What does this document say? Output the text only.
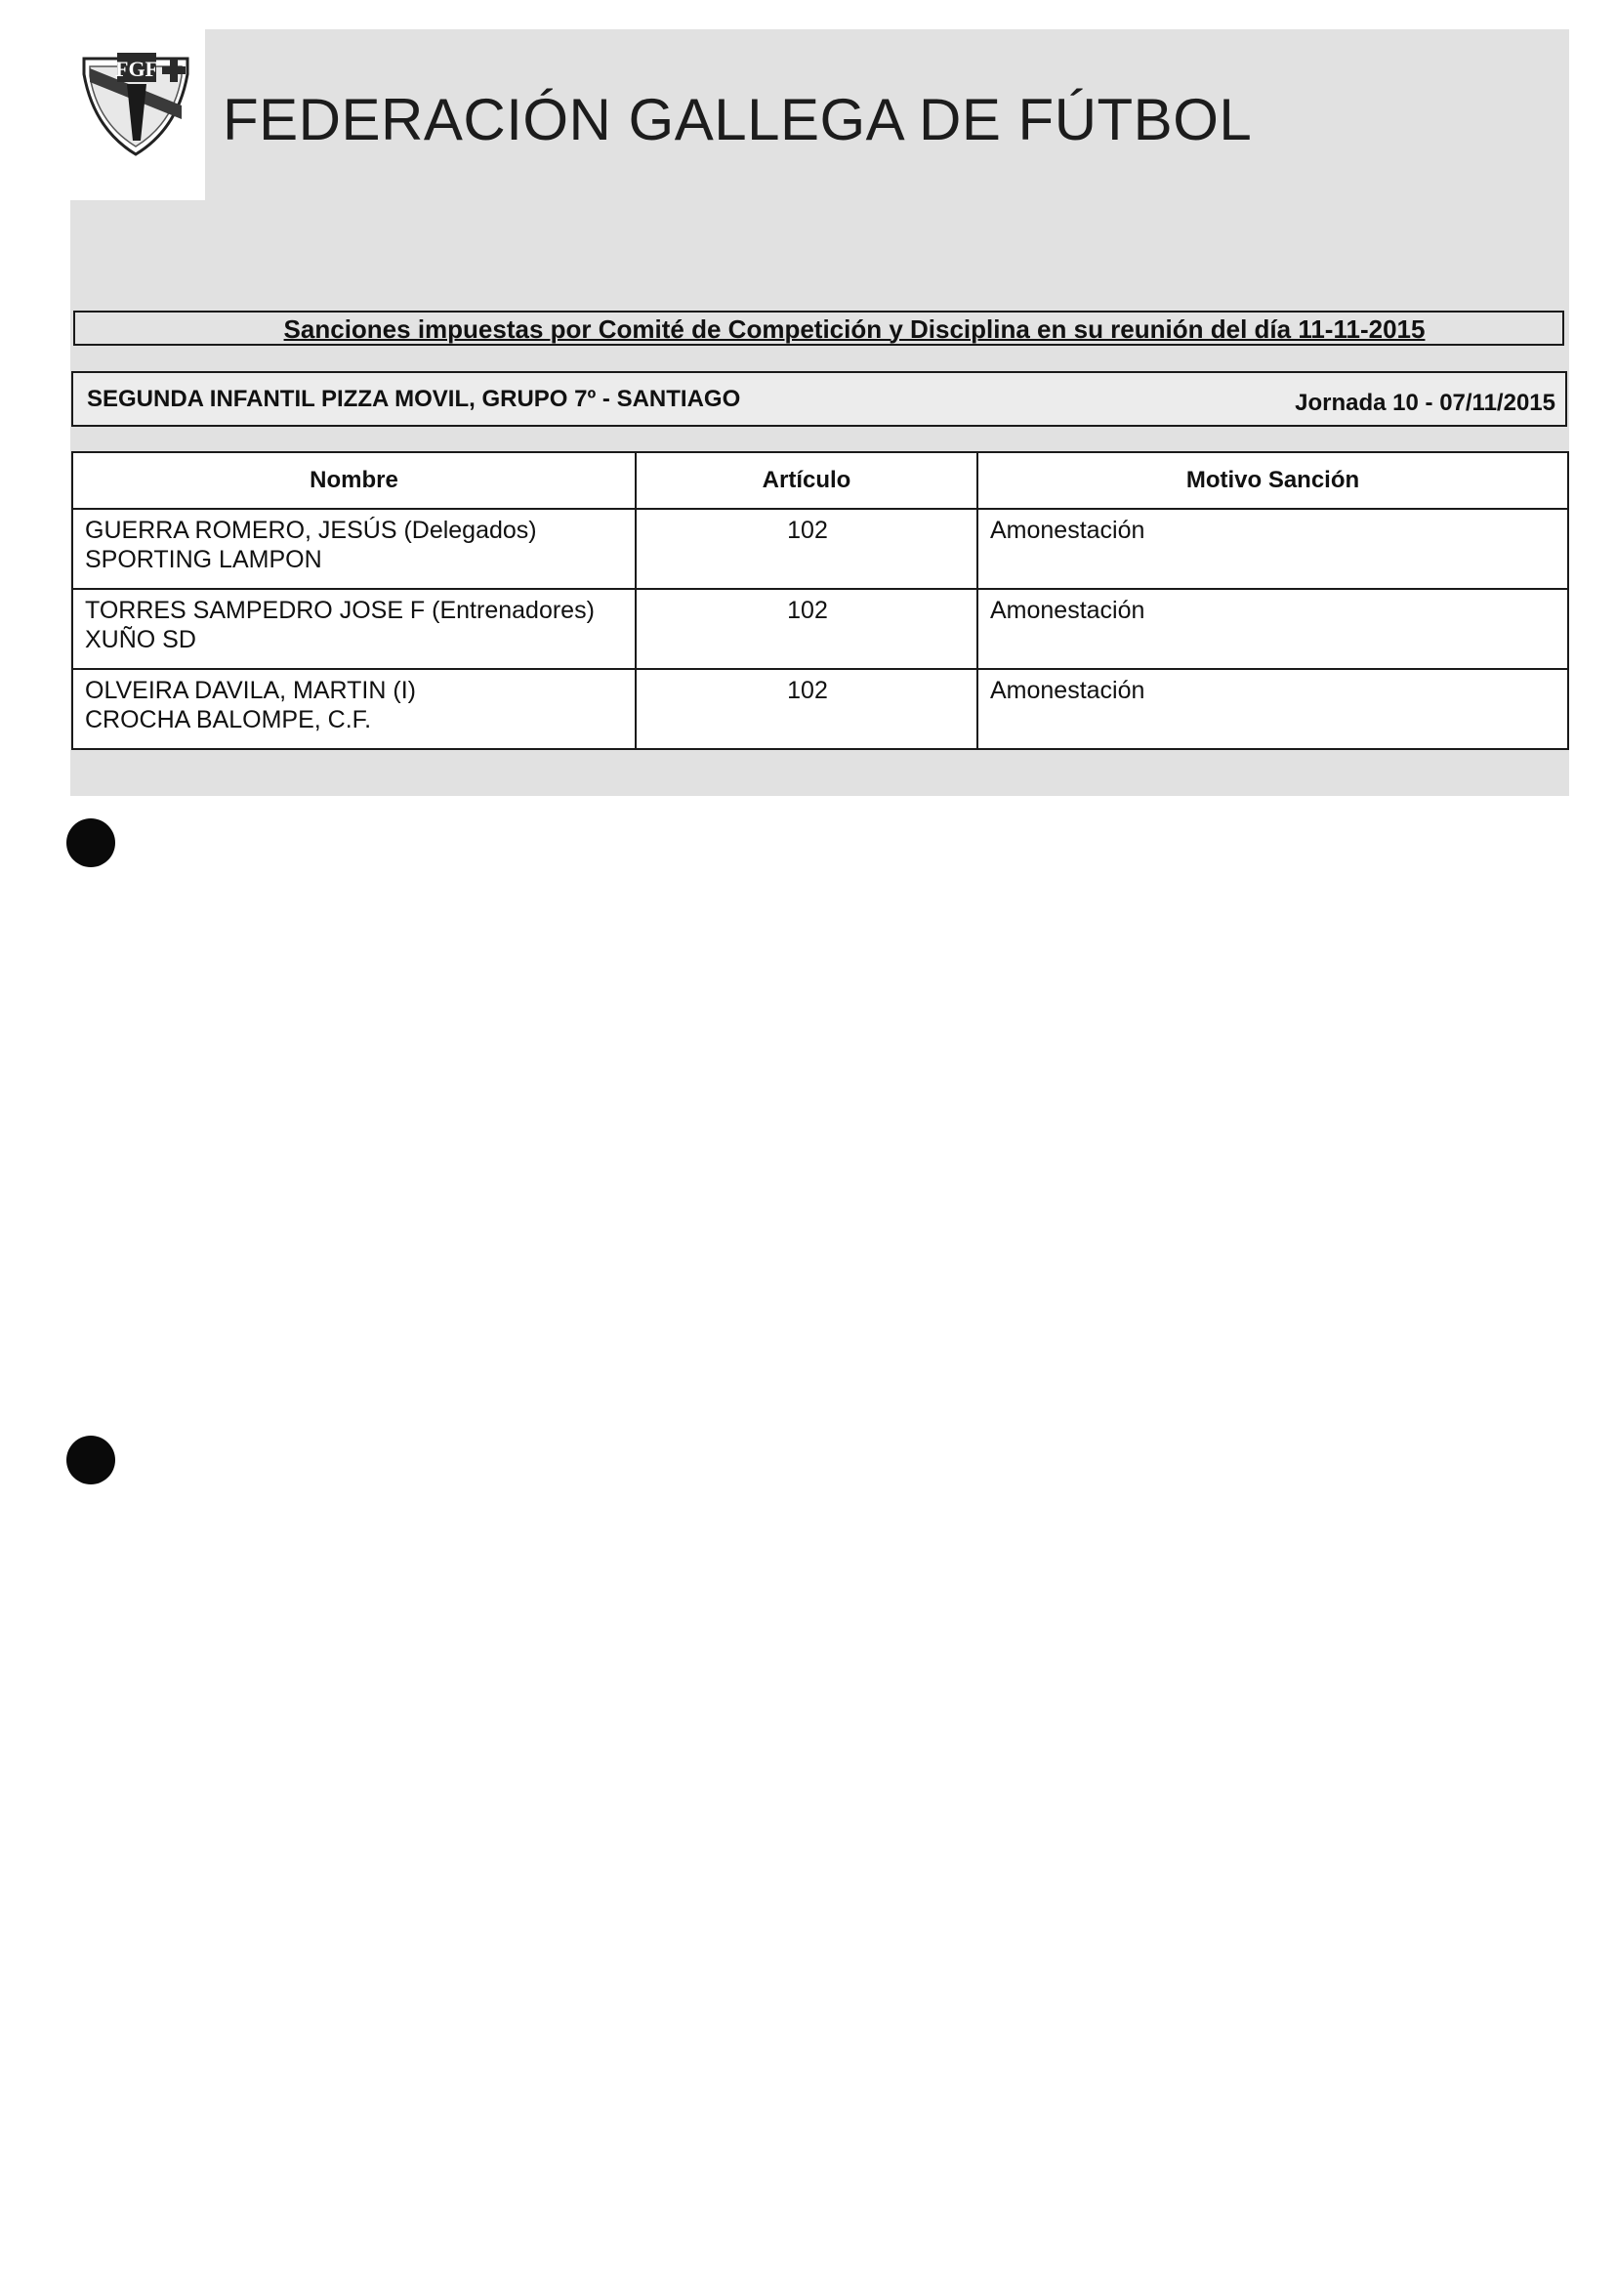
FGF
FEDERACIÓN GALLEGA DE FÚTBOL
Sanciones impuestas por Comité de Competición y Disciplina en su reunión del día 11-11-2015
SEGUNDA INFANTIL PIZZA MOVIL, GRUPO 7º - SANTIAGO	Jornada 10 - 07/11/2015
Nombre	Artículo	Motivo Sanción

GUERRA ROMERO, JESÚS (Delegados)
SPORTING LAMPON	102	Amonestación

TORRES SAMPEDRO JOSE F (Entrenadores)
XUÑO SD	102	Amonestación

OLVEIRA DAVILA, MARTIN (I)
CROCHA BALOMPE, C.F.	102	Amonestación
